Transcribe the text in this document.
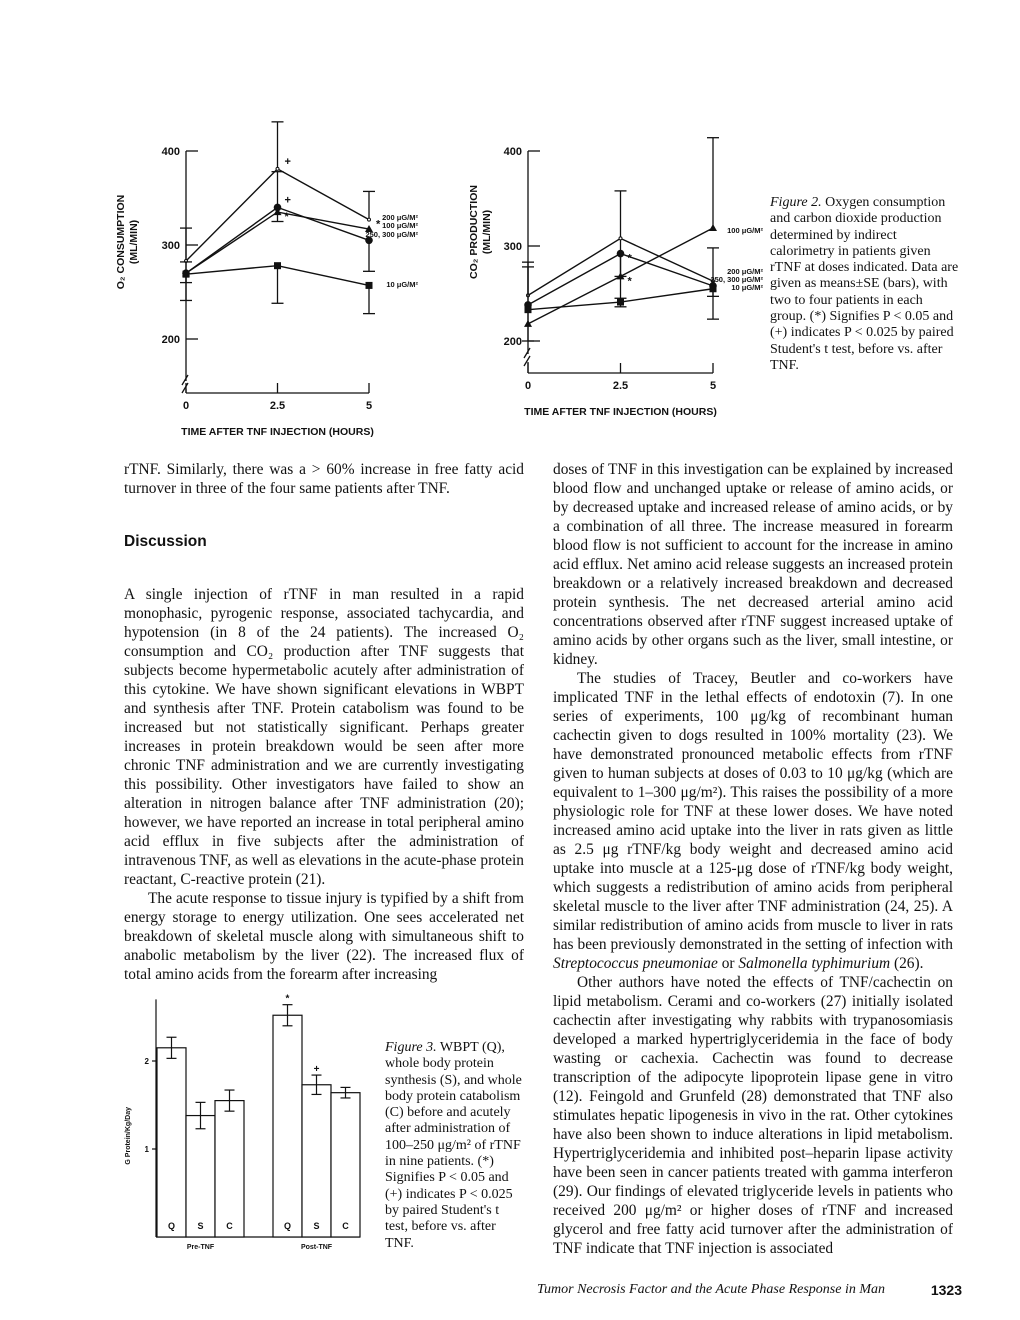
200
300
400
0	2.5	5
TIME AFTER TNF INJECTION (HOURS)
O₂ CONSUMPTION (ML/MIN)
+
*
200 μG/M²
*
100 μG/M²
+
250, 300 μG/M²
10 μG/M²
200
300
400
0	2.5	5
TIME AFTER TNF INJECTION (HOURS)
CO₂ PRODUCTION (ML/MIN)
*
100 μG/M²
200 μG/M²
*
250, 300 μG/M²
10 μG/M²
Figure 2. Oxygen consumption and carbon dioxide production determined by indirect calorimetry in patients given rTNF at doses indicated. Data are given as means±SE (bars), with two to four patients in each group. (*) Signifies P < 0.05 and (+) indicates P < 0.025 by paired Student's t test, before vs. after TNF.

rTNF. Similarly, there was a > 60% increase in free fatty acid turnover in three of the four same patients after TNF.

Discussion

A single injection of rTNF in man resulted in a rapid monophasic, pyrogenic response, associated tachycardia, and hypotension (in 8 of the 24 patients). The increased O₂ consumption and CO₂ production after TNF suggests that subjects become hypermetabolic acutely after administration of this cytokine. We have shown significant elevations in WBPT and synthesis after TNF. Protein catabolism was found to be increased but not statistically significant. Perhaps greater increases in protein breakdown would be seen after more chronic TNF administration and we are currently investigating this possibility. Other investigators have failed to show an alteration in nitrogen balance after TNF administration (20); however, we have reported an increase in total peripheral amino acid efflux in five subjects after the administration of intravenous TNF, as well as elevations in the acute-phase protein reactant, C-reactive protein (21).

The acute response to tissue injury is typified by a shift from energy storage to energy utilization. One sees accelerated net breakdown of skeletal muscle along with simultaneous shift to anabolic metabolism by the liver (22). The increased flux of total amino acids from the forearm after increasing

1
2
G Protein/Kg/Day
Q S	C
Pre-TNF
Q
*
S
+
C
Post-TNF
Figure 3. WBPT (Q), whole body protein synthesis (S), and whole body protein catabolism (C) before and acutely after administration of 100–250 μg/m² of rTNF in nine patients. (*) Signifies P < 0.05 and (+) indicates P < 0.025 by paired Student's t test, before vs. after TNF.

doses of TNF in this investigation can be explained by increased blood flow and unchanged uptake or release of amino acids, or by decreased uptake and increased release of amino acids, or by a combination of all three. The increase measured in forearm blood flow is not sufficient to account for the increase in amino acid efflux. Net amino acid release suggests an increased protein breakdown or a relatively increased breakdown and decreased protein synthesis. The net decreased arterial amino acid concentrations observed after rTNF suggest increased uptake of amino acids by other organs such as the liver, small intestine, or kidney.

The studies of Tracey, Beutler and co-workers have implicated TNF in the lethal effects of endotoxin (7). In one series of experiments, 100 μg/kg of recombinant human cachectin given to dogs resulted in 100% mortality (23). We have demonstrated pronounced metabolic effects from rTNF given to human subjects at doses of 0.03 to 10 μg/kg (which are equivalent to 1–300 μg/m²). This raises the possibility of a more physiologic role for TNF at these lower doses. We have noted increased amino acid uptake into the liver in rats given as little as 2.5 μg rTNF/kg body weight and decreased amino acid uptake into muscle at a 125-μg dose of rTNF/kg body weight, which suggests a redistribution of amino acids from peripheral skeletal muscle to the liver after TNF administration (24, 25). A similar redistribution of amino acids from muscle to liver in rats has been previously demonstrated in the setting of infection with Streptococcus pneumoniae or Salmonella typhimurium (26).

Other authors have noted the effects of TNF/cachectin on lipid metabolism. Cerami and co-workers (27) initially isolated cachectin after investigating why rabbits with trypanosomiasis developed a marked hypertriglyceridemia in the face of body wasting or cachexia. Cachectin was found to decrease transcription of the adipocyte lipoprotein lipase gene in vitro (12). Feingold and Grunfeld (28) demonstrated that TNF also stimulates hepatic lipogenesis in vivo in the rat. Other cytokines have also been shown to induce alterations in lipid metabolism. Hypertriglyceridemia and inhibited post–heparin lipase activity have been seen in cancer patients treated with gamma interferon (29). Our findings of elevated triglyceride levels in patients who received 200 μg/m² or higher doses of rTNF and increased glycerol and free fatty acid turnover after the administration of TNF indicate that TNF injection is associated

Tumor Necrosis Factor and the Acute Phase Response in Man	1323
